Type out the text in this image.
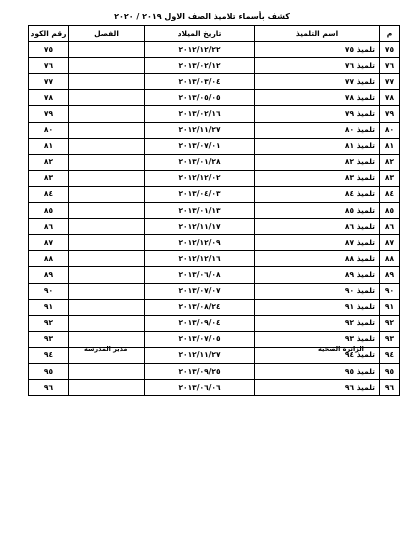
كشف بأسماء تلاميذ الصف الاول ٢٠١٩ / ٢٠٢٠
م	اسم التلميذ	تاريخ الميلاد	الفصل	رقم الكود
٧٥	تلميذ ٧٥	٢٠١٢/١٢/٢٢		٧٥
٧٦	تلميذ ٧٦	٢٠١٣/٠٢/١٢		٧٦
٧٧	تلميذ ٧٧	٢٠١٣/٠٣/٠٤		٧٧
٧٨	تلميذ ٧٨	٢٠١٣/٠٥/٠٥		٧٨
٧٩	تلميذ ٧٩	٢٠١٣/٠٢/١٦		٧٩
٨٠	تلميذ ٨٠	٢٠١٢/١١/٢٧		٨٠
٨١	تلميذ ٨١	٢٠١٣/٠٧/٠١		٨١
٨٢	تلميذ ٨٢	٢٠١٣/٠١/٢٨		٨٢
٨٣	تلميذ ٨٣	٢٠١٢/١٢/٠٢		٨٣
٨٤	تلميذ ٨٤	٢٠١٣/٠٤/٠٣		٨٤
٨٥	تلميذ ٨٥	٢٠١٣/٠١/١٣		٨٥
٨٦	تلميذ ٨٦	٢٠١٢/١١/١٧		٨٦
٨٧	تلميذ ٨٧	٢٠١٢/١٢/٠٩		٨٧
٨٨	تلميذ ٨٨	٢٠١٢/١٢/١٦		٨٨
٨٩	تلميذ ٨٩	٢٠١٣/٠٦/٠٨		٨٩
٩٠	تلميذ ٩٠	٢٠١٣/٠٧/٠٧		٩٠
٩١	تلميذ ٩١	٢٠١٣/٠٨/٢٤		٩١
٩٢	تلميذ ٩٢	٢٠١٣/٠٩/٠٤		٩٢
٩٣	تلميذ ٩٣	٢٠١٣/٠٧/٠٥		٩٣
٩٤	تلميذ ٩٤	٢٠١٢/١١/٢٧		٩٤
٩٥	تلميذ ٩٥	٢٠١٣/٠٩/٢٥		٩٥
٩٦	تلميذ ٩٦	٢٠١٣/٠٦/٠٦		٩٦
مدير المدرسة	الزائرة الصحية
